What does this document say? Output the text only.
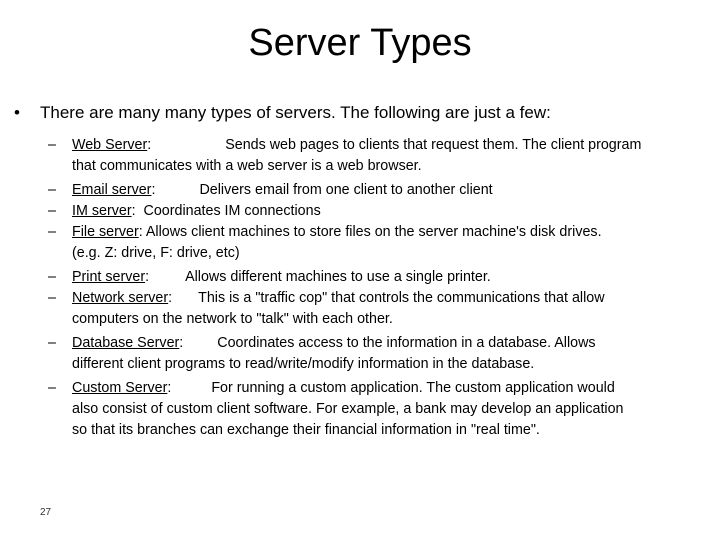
Server Types
• There are many many types of servers. The following are just a few:
– Web Server:	Sends web pages to clients that request them. The client program
that communicates with a web server is a web browser.
– Email server:	Delivers email from one client to another client
– IM server:  Coordinates IM connections
– File server: Allows client machines to store files on the server machine's disk drives.
(e.g. Z: drive, F: drive, etc)
– Print server:	Allows different machines to use a single printer.
– Network server: This is a "traffic cop" that controls the communications that allow
computers on the network to "talk" with each other.
– Database Server: Coordinates access to the information in a database. Allows
different client programs to read/write/modify information in the database.
– Custom Server:	For running a custom application. The custom application would
also consist of custom client software. For example, a bank may develop an application
so that its branches can exchange their financial information in "real time".
27
